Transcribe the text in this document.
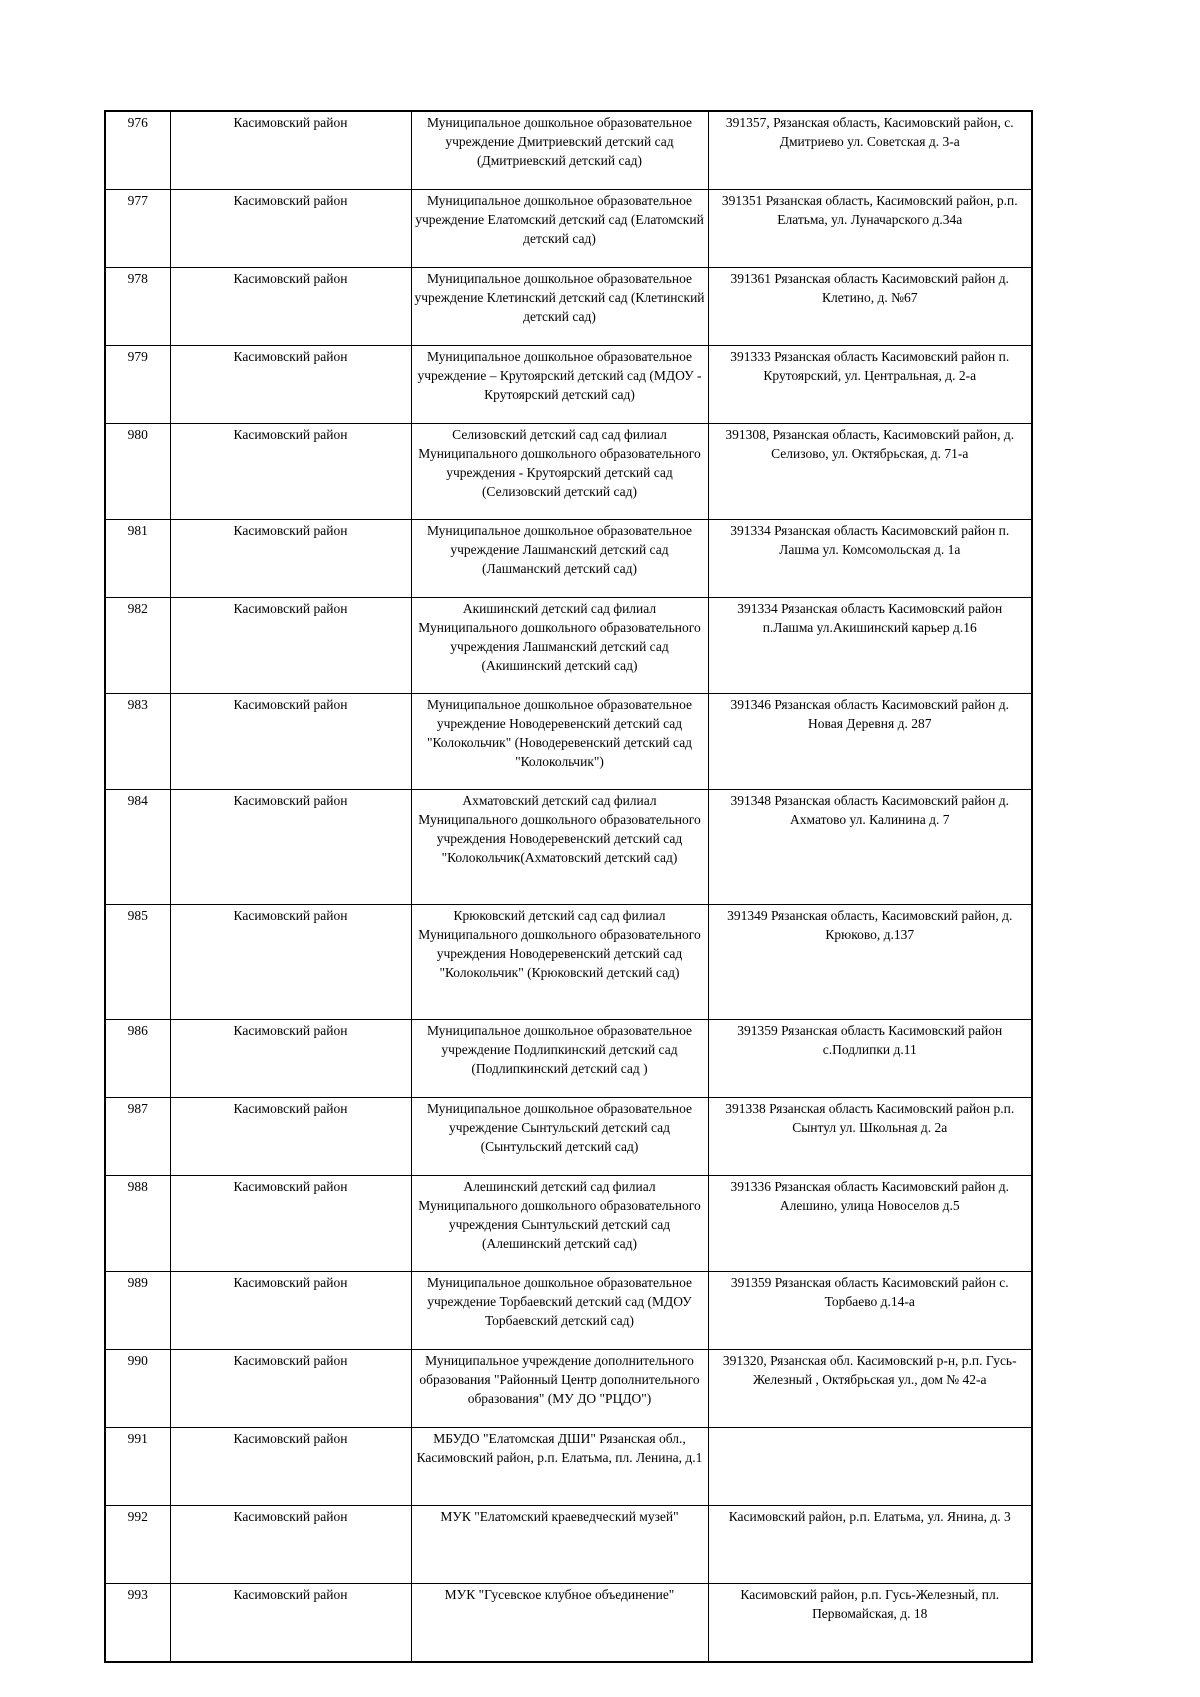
976	Касимовский район	Муниципальное дошкольное образовательное учреждение Дмитриевский детский сад (Дмитриевский детский сад)	391357, Рязанская область, Касимовский район, с. Дмитриево ул. Советская д. 3-а
977	Касимовский район	Муниципальное дошкольное образовательное учреждение Елатомский детский сад (Елатомский детский сад)	391351 Рязанская область, Касимовский район, р.п. Елатьма, ул. Луначарского д.34а
978	Касимовский район	Муниципальное дошкольное образовательное учреждение Клетинский детский сад (Клетинский детский сад)	391361 Рязанская область Касимовский район д. Клетино, д. №67
979	Касимовский район	Муниципальное дошкольное образовательное учреждение – Крутоярский детский сад (МДОУ - Крутоярский детский сад)	391333 Рязанская область Касимовский район п. Крутоярский, ул. Центральная, д. 2-а
980	Касимовский район	Селизовский детский сад сад филиал Муниципального дошкольного образовательного учреждения - Крутоярский детский сад (Селизовский детский сад)	391308, Рязанская область, Касимовский район, д. Селизово, ул. Октябрьская, д. 71-а
981	Касимовский район	Муниципальное дошкольное образовательное учреждение Лашманский детский сад (Лашманский детский сад)	391334 Рязанская область Касимовский район п. Лашма ул. Комсомольская д. 1а
982	Касимовский район	Акишинский детский сад филиал Муниципального дошкольного образовательного учреждения Лашманский детский сад (Акишинский детский сад)	391334 Рязанская область Касимовский район п.Лашма ул.Акишинский карьер д.16
983	Касимовский район	Муниципальное дошкольное образовательное учреждение Новодеревенский детский сад "Колокольчик" (Новодеревенский детский сад "Колокольчик")	391346 Рязанская область Касимовский район д. Новая Деревня д. 287
984	Касимовский район	Ахматовский детский сад филиал Муниципального дошкольного образовательного учреждения Новодеревенский детский сад "Колокольчик(Ахматовский детский сад)	391348 Рязанская область Касимовский район д. Ахматово ул. Калинина д. 7
985	Касимовский район	Крюковский детский сад сад филиал Муниципального дошкольного образовательного учреждения Новодеревенский детский сад "Колокольчик" (Крюковский детский сад)	391349 Рязанская область, Касимовский район, д. Крюково, д.137
986	Касимовский район	Муниципальное дошкольное образовательное учреждение Подлипкинский детский сад (Подлипкинский детский сад )	391359 Рязанская область Касимовский район с.Подлипки д.11
987	Касимовский район	Муниципальное дошкольное образовательное учреждение Сынтульский детский сад (Сынтульский детский сад)	391338 Рязанская область Касимовский район р.п. Сынтул ул. Школьная д. 2а
988	Касимовский район	Алешинский детский сад филиал Муниципального дошкольного образовательного учреждения Сынтульский детский сад (Алешинский детский сад)	391336 Рязанская область Касимовский район д. Алешино, улица Новоселов д.5
989	Касимовский район	Муниципальное дошкольное образовательное учреждение Торбаевский детский сад (МДОУ Торбаевский детский сад)	391359 Рязанская область Касимовский район с. Торбаево д.14-а
990	Касимовский район	Муниципальное учреждение дополнительного образования "Районный Центр дополнительного образования" (МУ ДО "РЦДО")	391320, Рязанская обл. Касимовский р-н, р.п. Гусь-Железный , Октябрьская ул., дом № 42-а
991	Касимовский район	МБУДО "Елатомская ДШИ" Рязанская обл., Касимовский район, р.п. Елатьма, пл. Ленина, д.1	
992	Касимовский район	МУК "Елатомский краеведческий музей"	Касимовский район, р.п. Елатьма, ул. Янина, д. 3
993	Касимовский район	МУК "Гусевское клубное объединение"	Касимовский район, р.п. Гусь-Железный, пл. Первомайская, д. 18
